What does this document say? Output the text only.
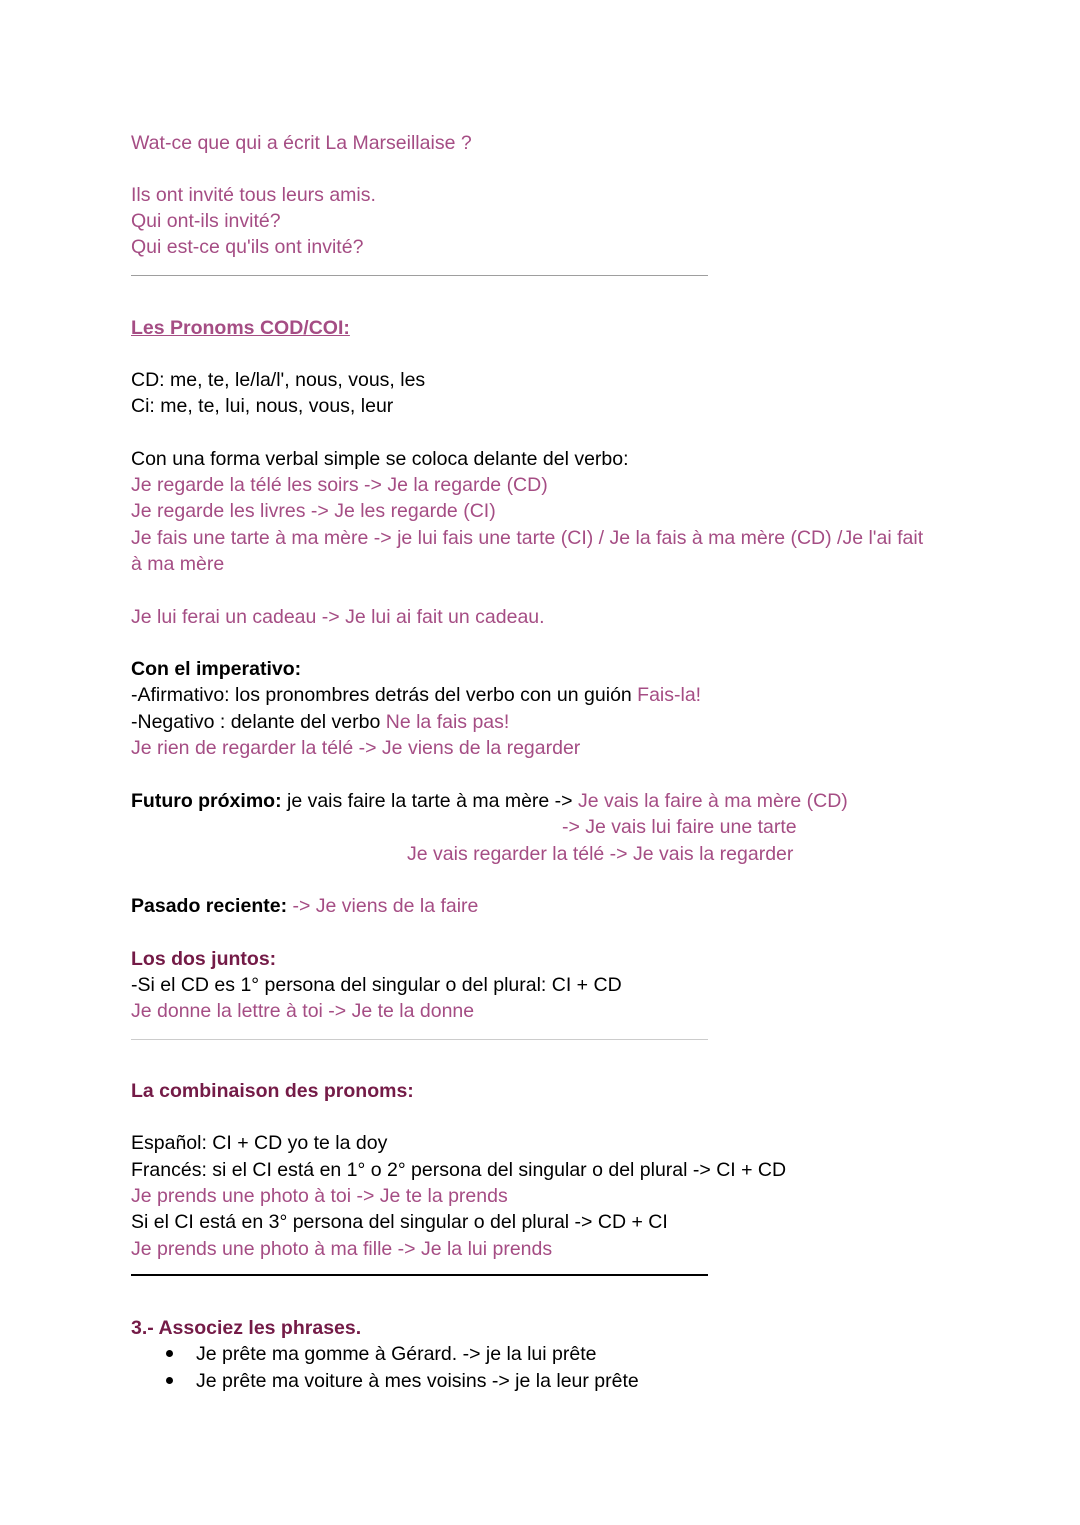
Wat-ce que qui a écrit La Marseillaise ?
Ils ont invité tous leurs amis.
Qui ont-ils invité?
Qui est-ce qu'ils ont invité?
Les Pronoms COD/COI:
CD: me, te, le/la/l', nous, vous, les
Ci: me, te, lui, nous, vous, leur
Con una forma verbal simple se coloca delante del verbo:
Je regarde la télé les soirs -> Je la regarde (CD)
Je regarde les livres -> Je les regarde (CI)
Je fais une tarte à ma mère -> je lui fais une tarte (CI) / Je la fais à ma mère (CD) /Je l'ai fait
à ma mère
Je lui ferai un cadeau -> Je lui ai fait un cadeau.
Con el imperativo:
-Afirmativo: los pronombres detrás del verbo con un guión Fais-la!
-Negativo : delante del verbo Ne la fais pas!
Je rien de regarder la télé -> Je viens de la regarder
Futuro próximo: je vais faire la tarte à ma mère -> Je vais la faire à ma mère (CD)
-> Je vais lui faire une tarte
Je vais regarder la télé -> Je vais la regarder
Pasado reciente: -> Je viens de la faire
Los dos juntos:
-Si el CD es 1° persona del singular o del plural: CI + CD
Je donne la lettre à toi -> Je te la donne
La combinaison des pronoms:
Español: CI + CD yo te la doy
Francés: si el CI está en 1° o 2° persona del singular o del plural -> CI + CD
Je prends une photo à toi -> Je te la prends
Si el CI está en 3° persona del singular o del plural -> CD + CI
Je prends une photo à ma fille -> Je la lui prends
3.- Associez les phrases.
Je prête ma gomme à Gérard. -> je la lui prête
Je prête ma voiture à mes voisins -> je la leur prête
